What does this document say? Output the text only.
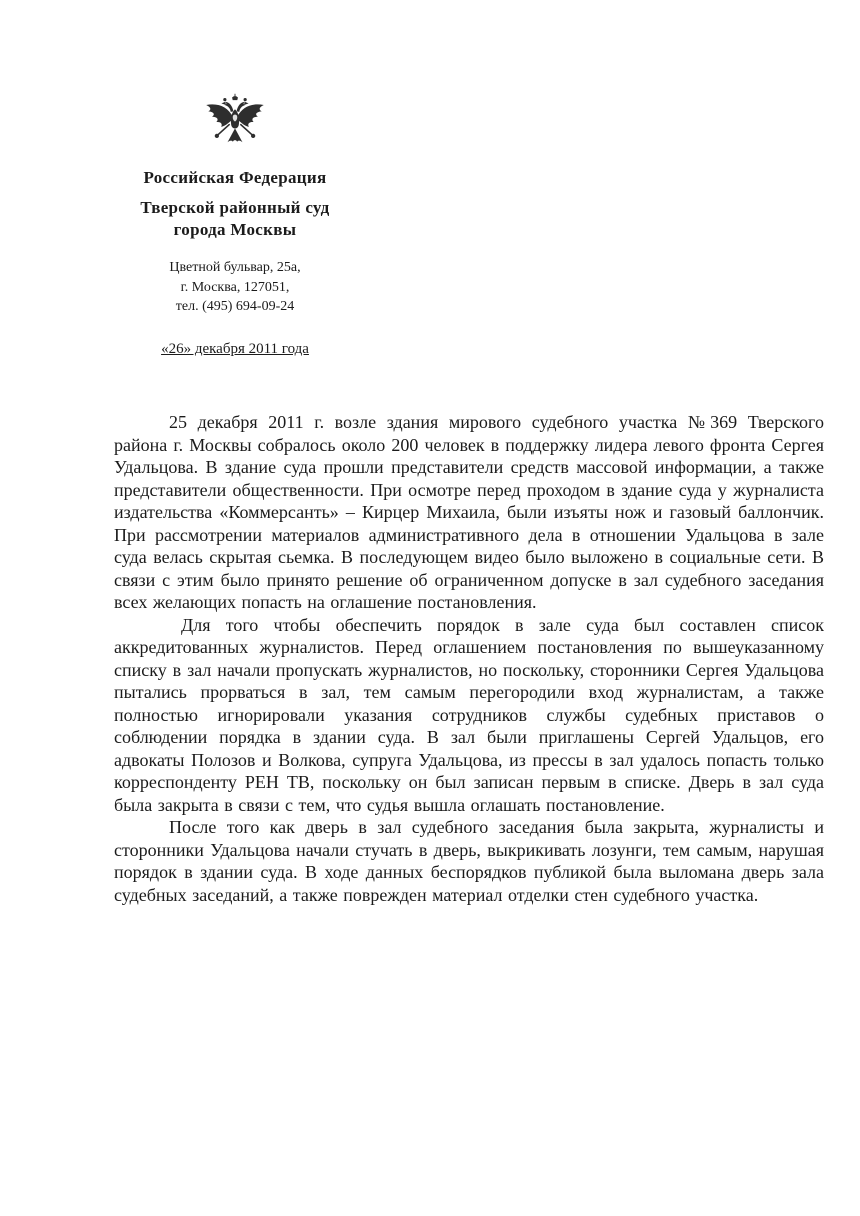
Российская Федерация
Тверской районный суд
города Москвы
Цветной бульвар, 25а,
г. Москва, 127051,
тел. (495) 694-09-24
«26» декабря 2011 года

25 декабря 2011 г. возле здания мирового судебного участка №369 Тверского района г. Москвы собралось около 200 человек в поддержку лидера левого фронта Сергея Удальцова. В здание суда прошли представители средств массовой информации, а также представители общественности. При осмотре перед проходом в здание суда у журналиста издательства «Коммерсанть» – Кирцер Михаила, были изъяты нож и газовый баллончик. При рассмотрении материалов административного дела в отношении Удальцова в зале суда велась скрытая сьемка. В последующем видео было выложено в социальные сети. В связи с этим было принято решение об ограниченном допуске в зал судебного заседания всех желающих попасть на оглашение постановления.

Для того чтобы обеспечить порядок в зале суда был составлен список аккредитованных журналистов. Перед оглашением постановления по вышеуказанному списку в зал начали пропускать журналистов, но поскольку, сторонники Сергея Удальцова пытались прорваться в зал, тем самым перегородили вход журналистам, а также полностью игнорировали указания сотрудников службы судебных приставов о соблюдении порядка в здании суда. В зал были приглашены Сергей Удальцов, его адвокаты Полозов и Волкова, супруга Удальцова, из прессы в зал удалось попасть только корреспонденту РЕН ТВ, поскольку он был записан первым в списке. Дверь в зал суда была закрыта в связи с тем, что судья вышла оглашать постановление.

После того как дверь в зал судебного заседания была закрыта, журналисты и сторонники Удальцова начали стучать в дверь, выкрикивать лозунги, тем самым, нарушая порядок в здании суда. В ходе данных беспорядков публикой была выломана дверь зала судебных заседаний, а также поврежден материал отделки стен судебного участка.
